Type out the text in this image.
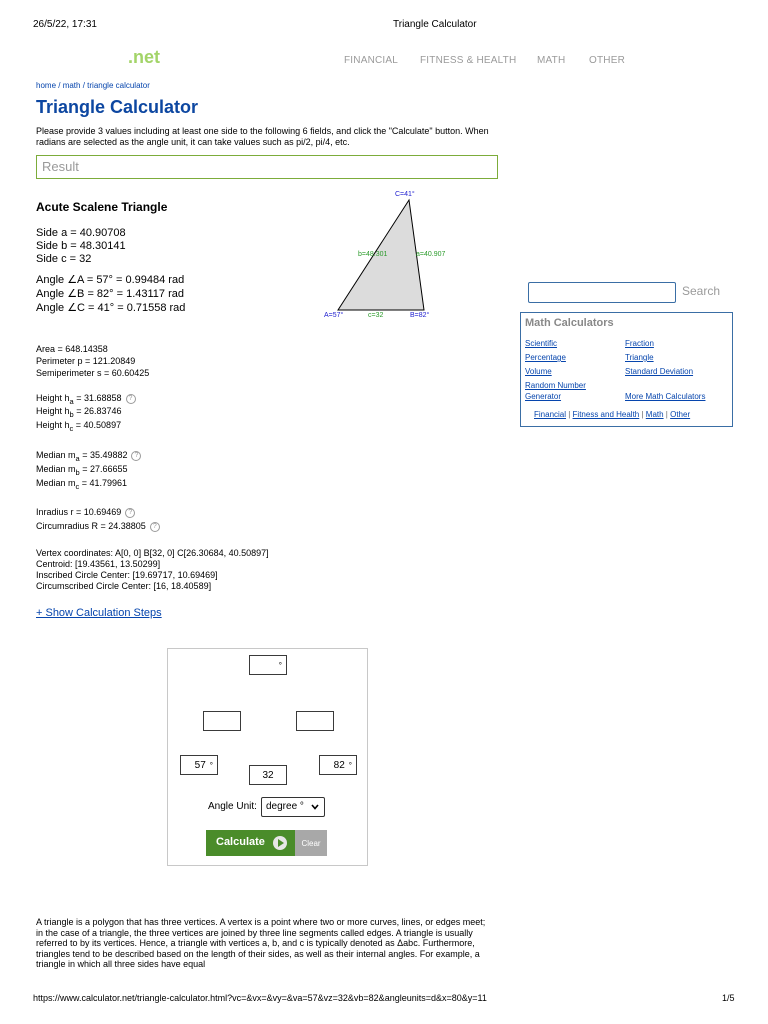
26/5/22, 17:31	Triangle Calculator
.net	FINANCIAL FITNESS & HEALTH MATH OTHER
home / math / triangle calculator
Triangle Calculator
Please provide 3 values including at least one side to the following 6 fields, and click the "Calculate" button. When radians are selected as the angle unit, it can take values such as pi/2, pi/4, etc.
Result
Acute Scalene Triangle
Side a = 40.90708
Side b = 48.30141
Side c = 32
Angle ∠A = 57° = 0.99484 rad
Angle ∠B = 82° = 1.43117 rad
Angle ∠C = 41° = 0.71558 rad
Area = 648.14358
Perimeter p = 121.20849
Semiperimeter s = 60.60425
Height $h_a = 31.68858$ ?
Height $h_b = 26.83746$
Height $h_c = 40.50897$
Median $m_a = 35.49882$ ?
Median $m_b = 27.66655$
Median $m_c = 41.79961$
Inradius r = 10.69469 ?
Circumradius R = 24.38805 ?
Vertex coordinates: A[0, 0] B[32, 0] C[26.30684, 40.50897]
Centroid: [19.43561, 13.50299]
Inscribed Circle Center: [19.69717, 10.69469]
Circumscribed Circle Center: [16, 18.40589]
+ Show Calculation Steps
C=41°
A=57°	B=82°
b=48.301	a=40.907
c=32
Search
Math Calculators
Scientific
Percentage
Volume
Random Number
Generator
Fraction
Triangle
Standard Deviation
More Math Calculators
Financial | Fitness and Health | Math | Other
°
57 °
32
82 °
Angle Unit: degree °
Calculate	Clear
A triangle is a polygon that has three vertices. A vertex is a point where two or more curves, lines, or edges meet; in the case of a triangle, the three vertices are joined by three line segments called edges. A triangle is usually referred to by its vertices. Hence, a triangle with vertices a, b, and c is typically denoted as Δabc. Furthermore, triangles tend to be described based on the length of their sides, as well as their internal angles. For example, a triangle in which all three sides have equal
https://www.calculator.net/triangle-calculator.html?vc=&vx=&vy=&va=57&vz=32&vb=82&angleunits=d&x=80&y=11	1/5
